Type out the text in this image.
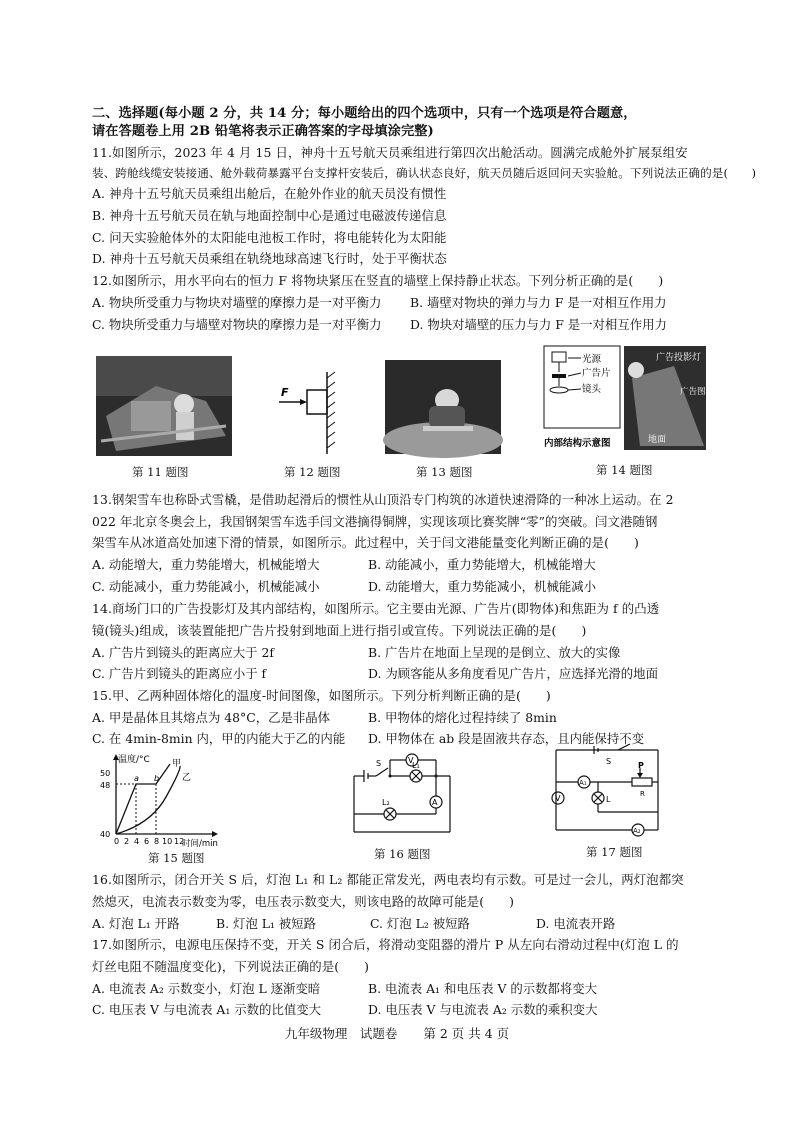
二、选择题(每小题 2 分，共 14 分；每小题给出的四个选项中，只有一个选项是符合题意，
请在答题卷上用 2B 铅笔将表示正确答案的字母填涂完整)
11.如图所示，2023 年 4 月 15 日，神舟十五号航天员乘组进行第四次出舱活动。圆满完成舱外扩展泵组安
装、跨舱线缆安装接通、舱外载荷暴露平台支撑杆安装后，确认状态良好，航天员随后返回问天实验舱。下列说法正确的是(　　)
A. 神舟十五号航天员乘组出舱后，在舱外作业的航天员没有惯性
B. 神舟十五号航天员在轨与地面控制中心是通过电磁波传递信息
C. 问天实验舱体外的太阳能电池板工作时，将电能转化为太阳能
D. 神舟十五号航天员乘组在轨绕地球高速飞行时，处于平衡状态
12.如图所示，用水平向右的恒力 F 将物块紧压在竖直的墙壁上保持静止状态。下列分析正确的是(　　)
A. 物块所受重力与物块对墙壁的摩擦力是一对平衡力 B. 墙壁对物块的弹力与力 F 是一对相互作用力
C. 物块所受重力与墙壁对物块的摩擦力是一对平衡力 D. 物块对墙壁的压力与力 F 是一对相互作用力
第 11 题图
F
第 12 题图	第 13 题图
光源
广告片
镜头
内部结构示意图
广告投影灯
广告图标
地面
第 14 题图
13.钢架雪车也称卧式雪橇，是借助起滑后的惯性从山顶沿专门构筑的冰道快速滑降的一种冰上运动。在 2
022 年北京冬奥会上，我国钢架雪车选手闫文港摘得铜牌，实现该项比赛奖牌“零”的突破。闫文港随钢
架雪车从冰道高处加速下滑的情景，如图所示。此过程中，关于闫文港能量变化判断正确的是(　　)
A. 动能增大，重力势能增大，机械能增大	B. 动能减小，重力势能增大，机械能增大
C. 动能减小，重力势能减小，机械能减小	D. 动能增大，重力势能减小，机械能减小
14.商场门口的广告投影灯及其内部结构，如图所示。它主要由光源、广告片(即物体)和焦距为 f 的凸透
镜(镜头)组成，该装置能把广告片投射到地面上进行指引或宣传。下列说法正确的是(　　)
A. 广告片到镜头的距离应大于 2f	B. 广告片在地面上呈现的是倒立、放大的实像
C. 广告片到镜头的距离应小于 f	D. 为顾客能从多角度看见广告片，应选择光滑的地面
15.甲、乙两种固体熔化的温度-时间图像，如图所示。下列分析判断正确的是(　　)
A. 甲是晶体且其熔点为 48°C，乙是非晶体	B. 甲物体的熔化过程持续了 8min
C. 在 4min-8min 内，甲的内能大于乙的内能 D. 甲物体在 ab 段是固液共存态，且内能保持不变
温度/°C
时间/min
50
48
40
0 2 4 6 8 10 12
a b
甲
乙
第 15 题图
V
A
S	L₁
L₂
第 16 题图
S	P
R
V	L
A₁
A₂
第 17 题图
16.如图所示，闭合开关 S 后，灯泡 L₁ 和 L₂ 都能正常发光，两电表均有示数。可是过一会儿，两灯泡都突
然熄灭，电流表示数变为零，电压表示数变大，则该电路的故障可能是(　　)
A. 灯泡 L₁ 开路	B. 灯泡 L₁ 被短路	C. 灯泡 L₂ 被短路	D. 电流表开路
17.如图所示，电源电压保持不变，开关 S 闭合后，将滑动变阻器的滑片 P 从左向右滑动过程中(灯泡 L 的
灯丝电阻不随温度变化)，下列说法正确的是(　　)
A. 电流表 A₂ 示数变小，灯泡 L 逐渐变暗	B. 电流表 A₁ 和电压表 V 的示数都将变大
C. 电压表 V 与电流表 A₁ 示数的比值变大	D. 电压表 V 与电流表 A₂ 示数的乘积变大
九年级物理　试题卷 第 2 页 共 4 页
